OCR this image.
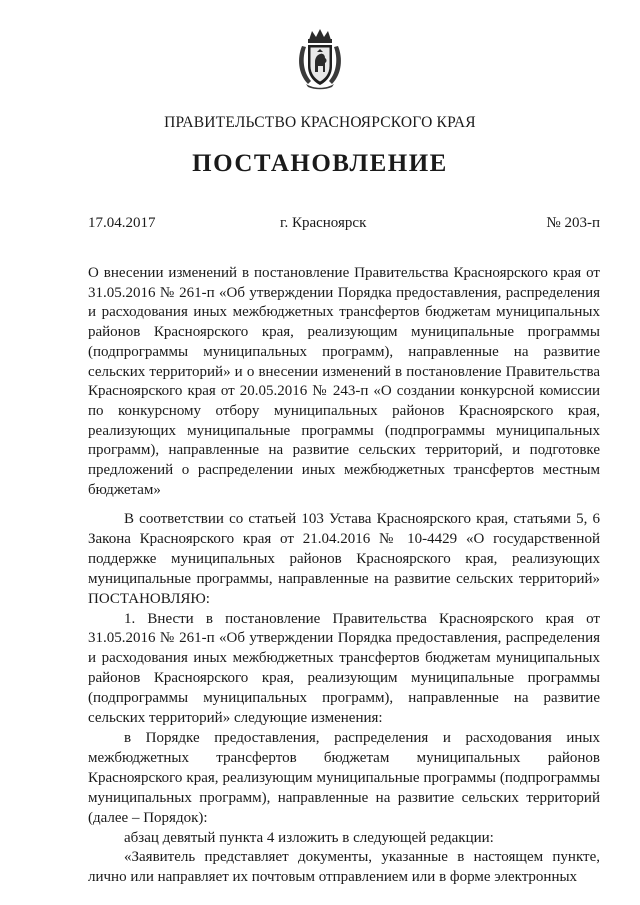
ПРАВИТЕЛЬСТВО КРАСНОЯРСКОГО КРАЯ
ПОСТАНОВЛЕНИЕ
17.04.2017	г. Красноярск	№ 203-п
О внесении изменений в постановление Правительства Красноярского края от 31.05.2016 № 261-п «Об утверждении Порядка предоставления, распределения и расходования иных межбюджетных трансфертов бюджетам муниципальных районов Красноярского края, реализующим муниципальные программы (подпрограммы муниципальных программ), направленные на развитие сельских территорий» и о внесении изменений в постановление Правительства Красноярского края от 20.05.2016 № 243-п «О создании конкурсной комиссии по конкурсному отбору муниципальных районов Красноярского края, реализующих муниципальные программы (подпрограммы муниципальных программ), направленные на развитие сельских территорий, и подготовке предложений о распределении иных межбюджетных трансфертов местным бюджетам»

В соответствии со статьей 103 Устава Красноярского края, статьями 5, 6 Закона Красноярского края от 21.04.2016 № 10-4429 «О государственной поддержке муниципальных районов Красноярского края, реализующих муниципальные программы, направленные на развитие сельских территорий» ПОСТАНОВЛЯЮ:

1. Внести в постановление Правительства Красноярского края от 31.05.2016 № 261-п «Об утверждении Порядка предоставления, распределения и расходования иных межбюджетных трансфертов бюджетам муниципальных районов Красноярского края, реализующим муниципальные программы (подпрограммы муниципальных программ), направленные на развитие сельских территорий» следующие изменения:

в Порядке предоставления, распределения и расходования иных межбюджетных трансфертов бюджетам муниципальных районов Красноярского края, реализующим муниципальные программы (подпрограммы муниципальных программ), направленные на развитие сельских территорий (далее – Порядок):

абзац девятый пункта 4 изложить в следующей редакции:

«Заявитель представляет документы, указанные в настоящем пункте, лично или направляет их почтовым отправлением или в форме электронных
